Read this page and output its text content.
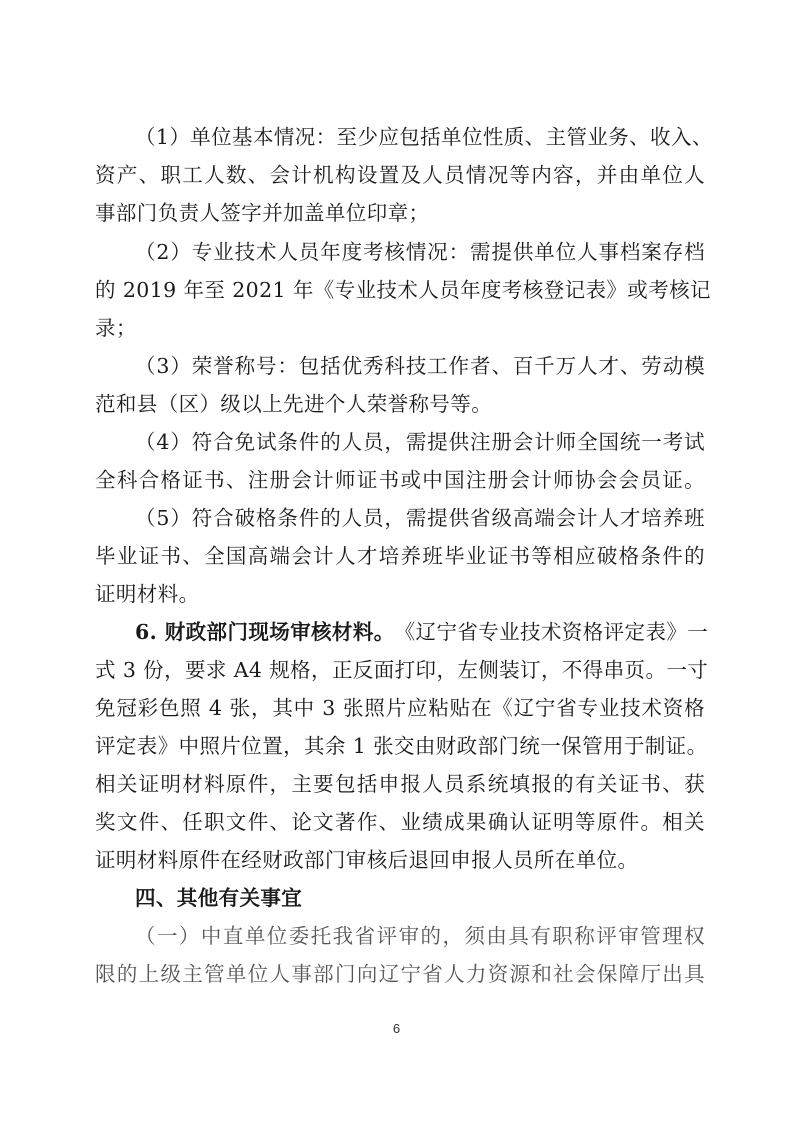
（1）单位基本情况：至少应包括单位性质、主管业务、收入、
资产、职工人数、会计机构设置及人员情况等内容，并由单位人
事部门负责人签字并加盖单位印章；
（2）专业技术人员年度考核情况：需提供单位人事档案存档
的 2019 年至 2021 年《专业技术人员年度考核登记表》或考核记
录；
（3）荣誉称号：包括优秀科技工作者、百千万人才、劳动模
范和县（区）级以上先进个人荣誉称号等。
（4）符合免试条件的人员，需提供注册会计师全国统一考试
全科合格证书、注册会计师证书或中国注册会计师协会会员证。
（5）符合破格条件的人员，需提供省级高端会计人才培养班
毕业证书、全国高端会计人才培养班毕业证书等相应破格条件的
证明材料。
6. 财政部门现场审核材料。 《辽宁省专业技术资格评定表》一
式 3 份，要求 A4 规格，正反面打印，左侧装订，不得串页。一寸
免冠彩色照 4 张，其中 3 张照片应粘贴在《辽宁省专业技术资格
评定表》中照片位置，其余 1 张交由财政部门统一保管用于制证。
相关证明材料原件，主要包括申报人员系统填报的有关证书、获
奖文件、任职文件、论文著作、业绩成果确认证明等原件。相关
证明材料原件在经财政部门审核后退回申报人员所在单位。
四、其他有关事宜
（一）中直单位委托我省评审的，须由具有职称评审管理权
限的上级主管单位人事部门向辽宁省人力资源和社会保障厅出具
6
